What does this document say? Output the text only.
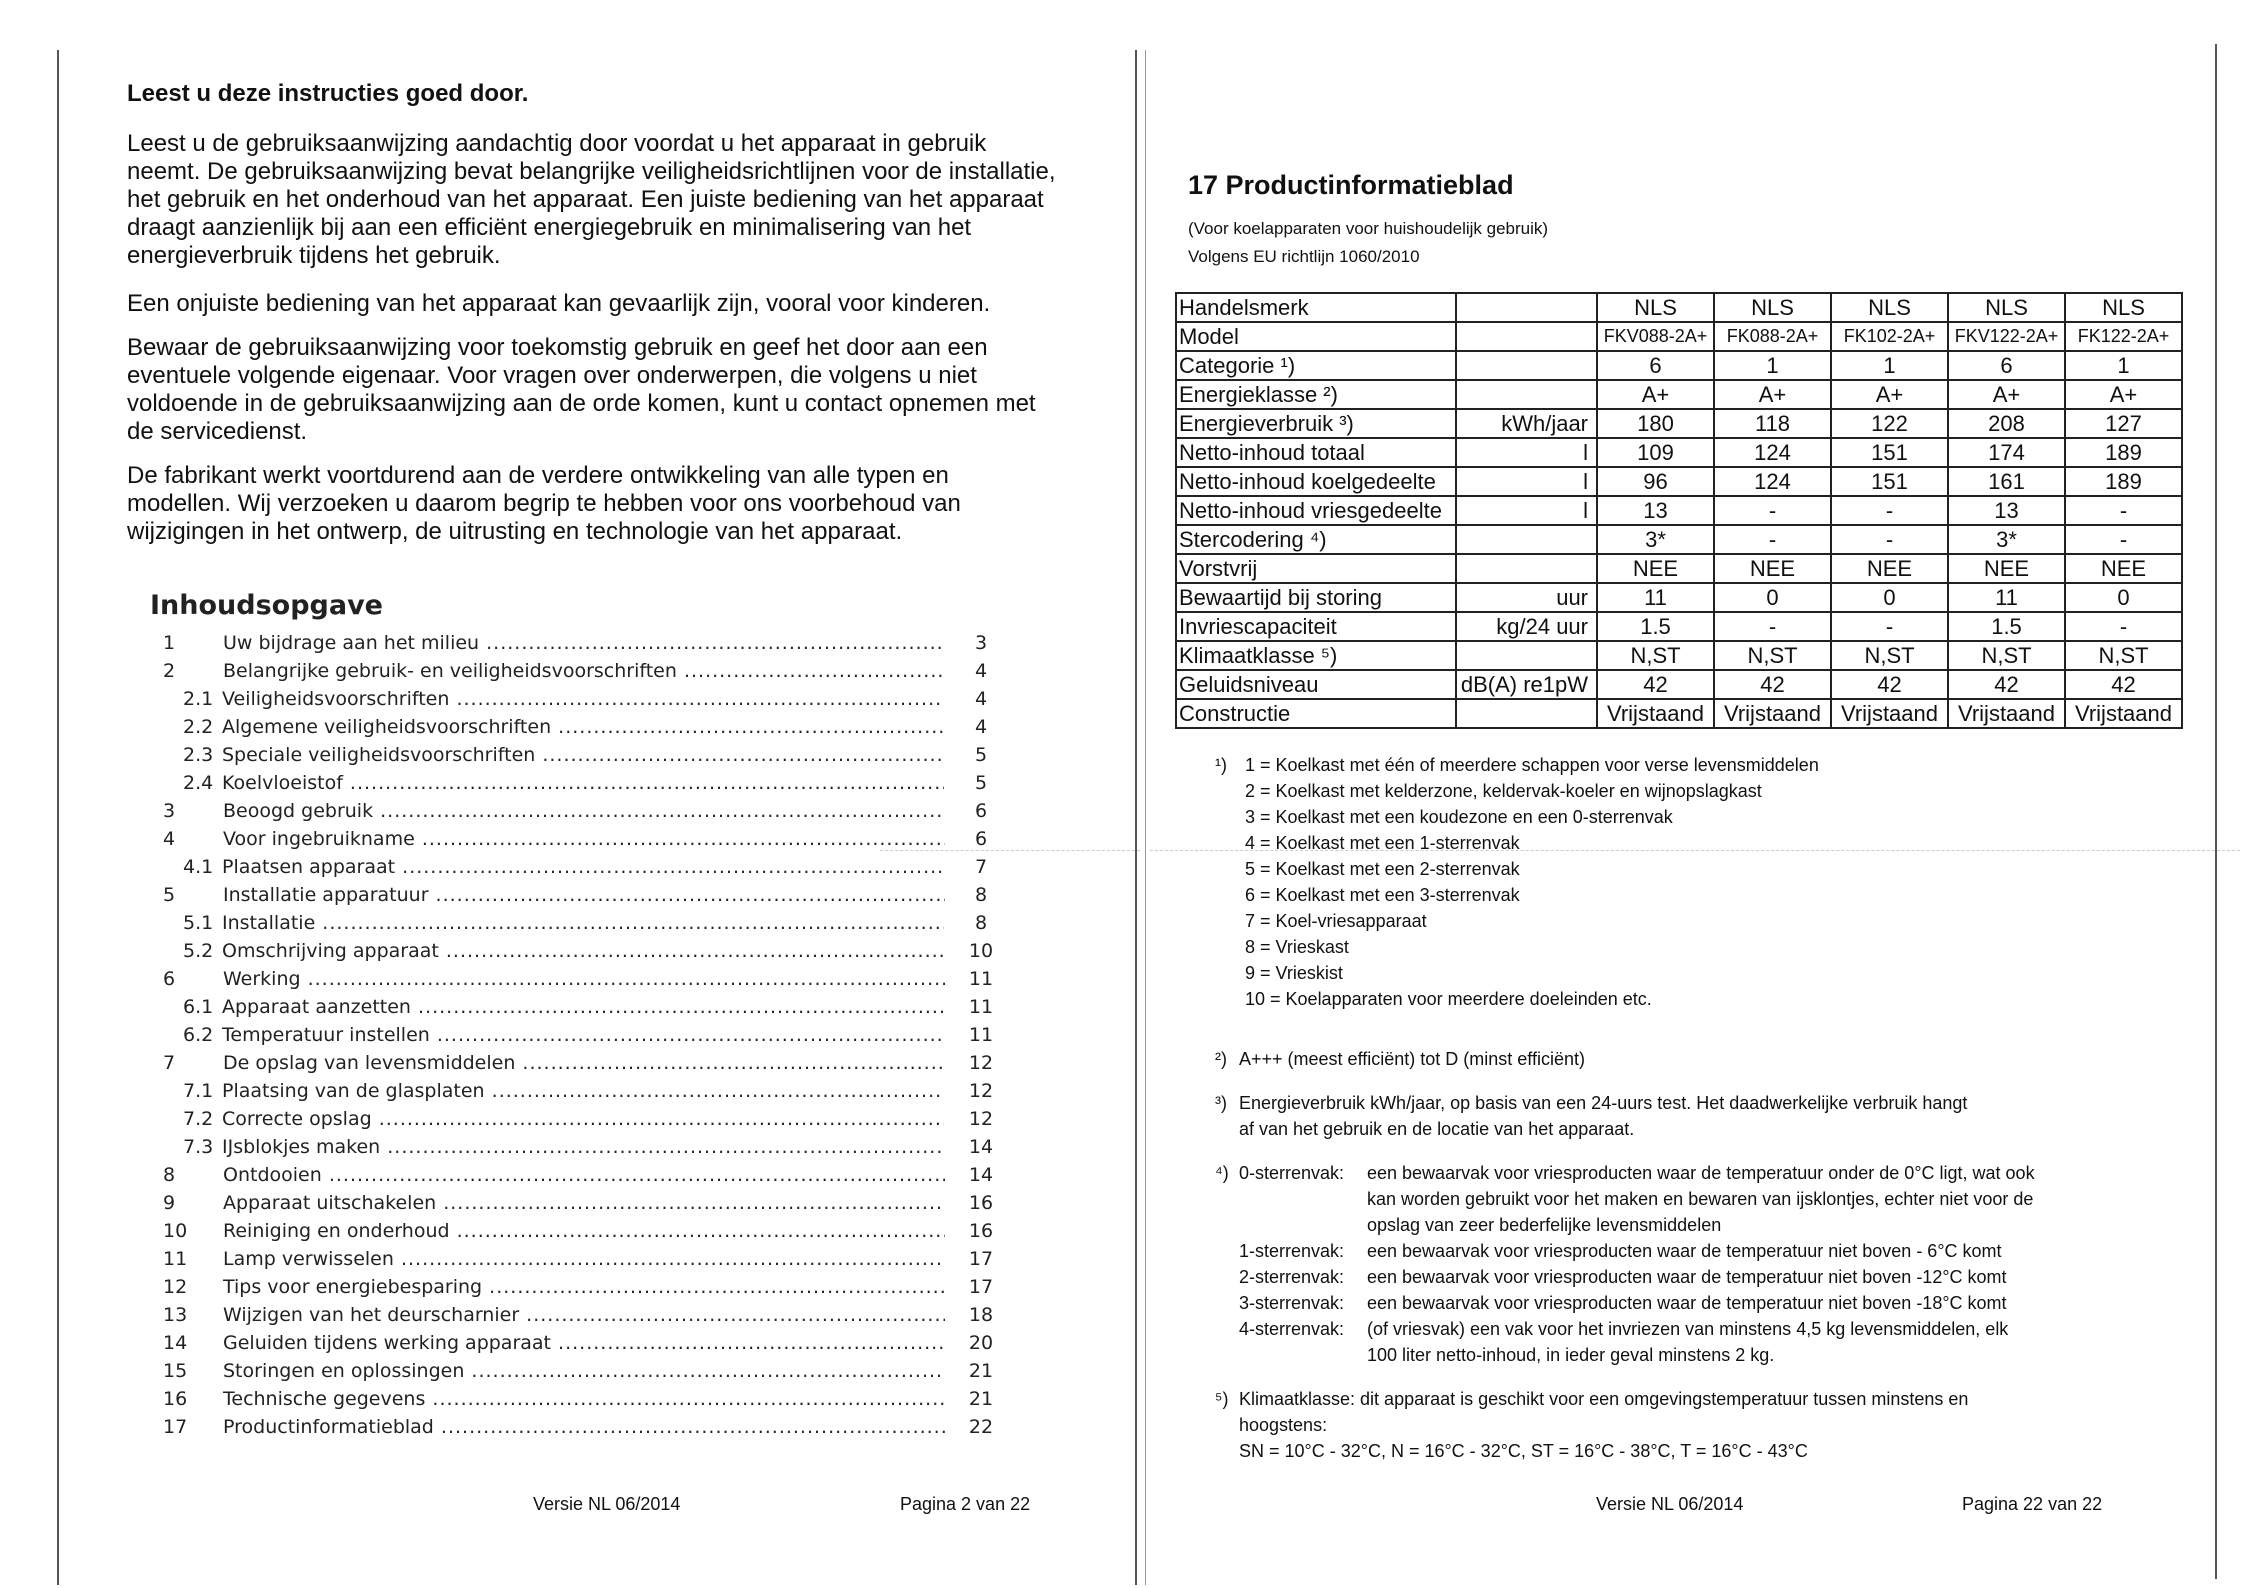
Leest u deze instructies goed door.
Leest u de gebruiksaanwijzing aandachtig door voordat u het apparaat in gebruik neemt. De gebruiksaanwijzing bevat belangrijke veiligheidsrichtlijnen voor de installatie, het gebruik en het onderhoud van het apparaat. Een juiste bediening van het apparaat draagt aanzienlijk bij aan een efficiënt energiegebruik en minimalisering van het energieverbruik tijdens het gebruik.
Een onjuiste bediening van het apparaat kan gevaarlijk zijn, vooral voor kinderen.
Bewaar de gebruiksaanwijzing voor toekomstig gebruik en geef het door aan een eventuele volgende eigenaar. Voor vragen over onderwerpen, die volgens u niet voldoende in de gebruiksaanwijzing aan de orde komen, kunt u contact opnemen met de servicedienst.
De fabrikant werkt voortdurend aan de verdere ontwikkeling van alle typen en modellen. Wij verzoeken u daarom begrip te hebben voor ons voorbehoud van wijzigingen in het ontwerp, de uitrusting en technologie van het apparaat.
Inhoudsopgave
1	Uw bijdrage aan het milieu .....	3
2	Belangrijke gebruik- en veiligheidsvoorschriften .....	4
2.1 Veiligheidsvoorschriften .....	4
2.2 Algemene veiligheidsvoorschriften .....	4
2.3 Speciale veiligheidsvoorschriften .....	5
2.4 Koelvloeistof .....	5
3	Beoogd gebruik .....	6
4	Voor ingebruikname .....	6
4.1 Plaatsen apparaat .....	7
5	Installatie apparatuur .....	8
5.1 Installatie .....	8
5.2 Omschrijving apparaat .....	10
6	Werking .....	11
6.1 Apparaat aanzetten .....	11
6.2 Temperatuur instellen .....	11
7	De opslag van levensmiddelen .....	12
7.1 Plaatsing van de glasplaten .....	12
7.2 Correcte opslag .....	12
7.3 IJsblokjes maken .....	14
8	Ontdooien .....	14
9	Apparaat uitschakelen .....	16
10 Reiniging en onderhoud .....	16
11 Lamp verwisselen .....	17
12 Tips voor energiebesparing .....	17
13 Wijzigen van het deurscharnier .....	18
14 Geluiden tijdens werking apparaat .....	20
15 Storingen en oplossingen .....	21
16 Technische gegevens .....	21
17 Productinformatieblad .....	22
Versie NL 06/2014	Pagina 2 van 22
17 Productinformatieblad
(Voor koelapparaten voor huishoudelijk gebruik)
Volgens EU richtlijn 1060/2010
Handelsmerk		NLS	NLS	NLS	NLS	NLS
Model		FKV088-2A+	FK088-2A+	FK102-2A+	FKV122-2A+	FK122-2A+
Categorie ¹)		6	1	1	6	1
Energieklasse ²)		A+	A+	A+	A+	A+
Energieverbruik ³)	kWh/jaar	180	118	122	208	127
Netto-inhoud totaal	l	109	124	151	174	189
Netto-inhoud koelgedeelte	l	96	124	151	161	189
Netto-inhoud vriesgedeelte	l	13	-	-	13	-
Stercodering ⁴)		3*	-	-	3*	-
Vorstvrij		NEE	NEE	NEE	NEE	NEE
Bewaartijd bij storing	uur	11	0	0	11	0
Invriescapaciteit	kg/24 uur	1.5	-	-	1.5	-
Klimaatklasse ⁵)		N,ST	N,ST	N,ST	N,ST	N,ST
Geluidsniveau	dB(A) re1pW	42	42	42	42	42
Constructie		Vrijstaand	Vrijstaand	Vrijstaand	Vrijstaand	Vrijstaand
¹) 1 = Koelkast met één of meerdere schappen voor verse levensmiddelen
2 = Koelkast met kelderzone, keldervak-koeler en wijnopslagkast
3 = Koelkast met een koudezone en een 0-sterrenvak
4 = Koelkast met een 1-sterrenvak
5 = Koelkast met een 2-sterrenvak
6 = Koelkast met een 3-sterrenvak
7 = Koel-vriesapparaat
8 = Vrieskast
9 = Vrieskist
10 = Koelapparaten voor meerdere doeleinden etc.
²) A+++ (meest efficiënt) tot D (minst efficiënt)
³) Energieverbruik kWh/jaar, op basis van een 24-uurs test. Het daadwerkelijke verbruik hangt
af van het gebruik en de locatie van het apparaat.
⁴) 0-sterrenvak:	een bewaarvak voor vriesproducten waar de temperatuur onder de 0°C ligt, wat ook
kan worden gebruikt voor het maken en bewaren van ijsklontjes, echter niet voor de
opslag van zeer bederfelijke levensmiddelen
1-sterrenvak:	een bewaarvak voor vriesproducten waar de temperatuur niet boven - 6°C komt
2-sterrenvak:	een bewaarvak voor vriesproducten waar de temperatuur niet boven -12°C komt
3-sterrenvak:	een bewaarvak voor vriesproducten waar de temperatuur niet boven -18°C komt
4-sterrenvak:	(of vriesvak) een vak voor het invriezen van minstens 4,5 kg levensmiddelen, elk
100 liter netto-inhoud, in ieder geval minstens 2 kg.
⁵) Klimaatklasse: dit apparaat is geschikt voor een omgevingstemperatuur tussen minstens en
hoogstens:
SN = 10°C - 32°C, N = 16°C - 32°C, ST = 16°C - 38°C, T = 16°C - 43°C
Versie NL 06/2014	Pagina 22 van 22
